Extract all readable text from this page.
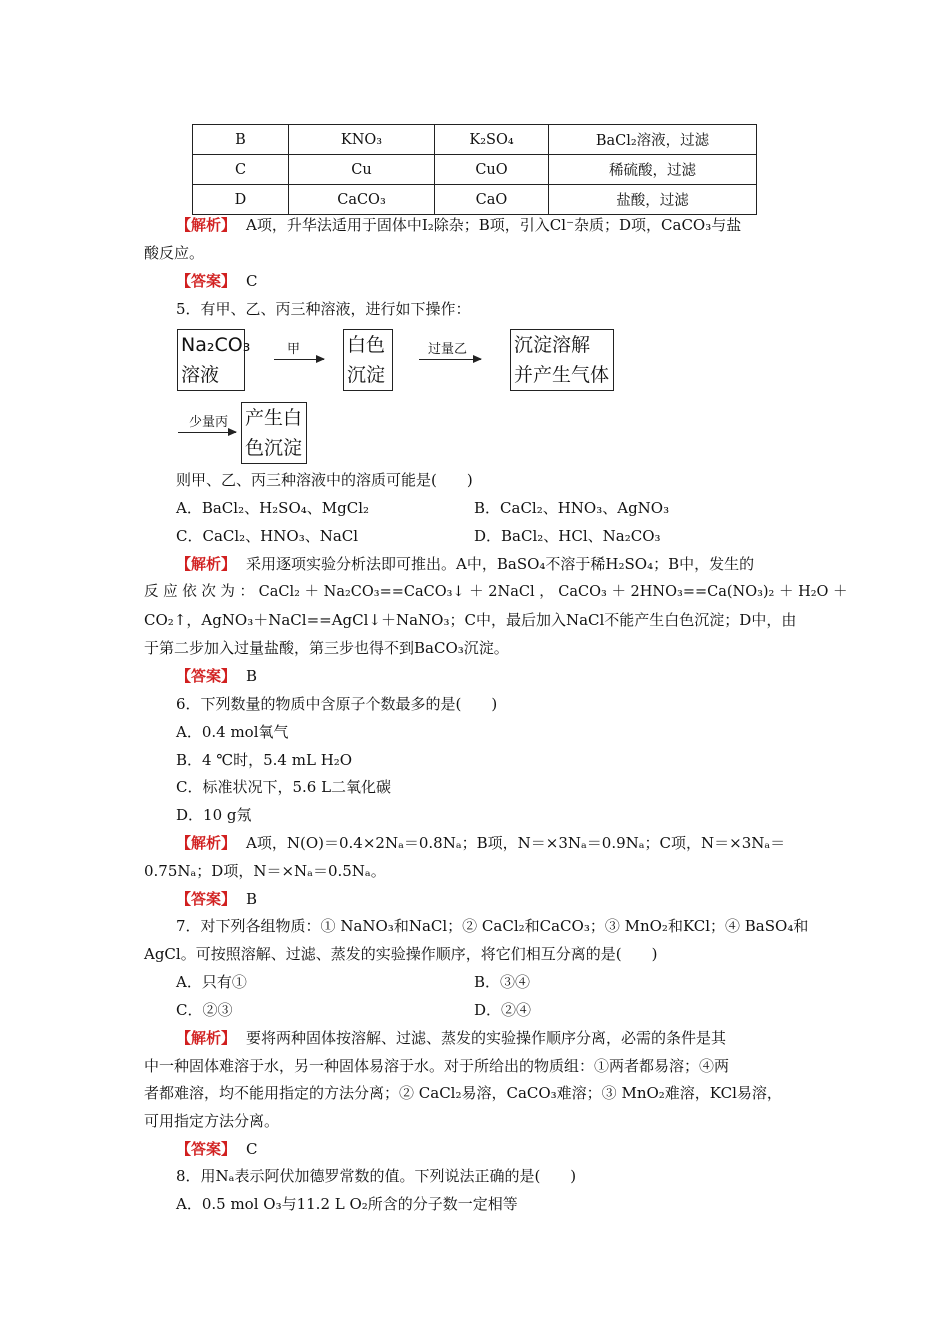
B	KNO₃	K₂SO₄	BaCl₂溶液，过滤
C	Cu	CuO	稀硫酸，过滤
D	CaCO₃	CaO	盐酸，过滤
【解析】 A项，升华法适用于固体中I₂除杂；B项，引入Cl⁻杂质；D项，CaCO₃与盐
酸反应。
【答案】 C
5．有甲、乙、丙三种溶液，进行如下操作：
Na₂CO₃
溶液
甲 白色
沉淀
过量乙 沉淀溶解
并产生气体
少量丙 产生白
色沉淀
则甲、乙、丙三种溶液中的溶质可能是(　　)
A．BaCl₂、H₂SO₄、MgCl₂	B．CaCl₂、HNO₃、AgNO₃
C．CaCl₂、HNO₃、NaCl	D．BaCl₂、HCl、Na₂CO₃
【解析】 采用逐项实验分析法即可推出。A中，BaSO₄不溶于稀H₂SO₄；B中，发生的
反 应 依 次 为 ： CaCl₂ ＋ Na₂CO₃==CaCO₃↓ ＋ 2NaCl ， CaCO₃ ＋ 2HNO₃==Ca(NO₃)₂ ＋ H₂O ＋
CO₂↑，AgNO₃＋NaCl==AgCl↓＋NaNO₃；C中，最后加入NaCl不能产生白色沉淀；D中，由
于第二步加入过量盐酸，第三步也得不到BaCO₃沉淀。
【答案】 B
6．下列数量的物质中含原子个数最多的是(　　)
A．0.4 mol氧气
B．4 ℃时，5.4 mL H₂O
C．标准状况下，5.6 L二氧化碳
D．10 g氖
【解析】 A项，N(O)＝0.4×2Nₐ＝0.8Nₐ；B项，N＝×3Nₐ＝0.9Nₐ；C项，N＝×3Nₐ＝
0.75Nₐ；D项，N＝×Nₐ＝0.5Nₐ。
【答案】 B
7．对下列各组物质：① NaNO₃和NaCl；② CaCl₂和CaCO₃；③ MnO₂和KCl；④ BaSO₄和
AgCl。可按照溶解、过滤、蒸发的实验操作顺序，将它们相互分离的是(　　)
A．只有①	B．③④
C．②③	D．②④
【解析】 要将两种固体按溶解、过滤、蒸发的实验操作顺序分离，必需的条件是其
中一种固体难溶于水，另一种固体易溶于水。对于所给出的物质组：①两者都易溶；④两
者都难溶，均不能用指定的方法分离；② CaCl₂易溶，CaCO₃难溶；③ MnO₂难溶，KCl易溶，
可用指定方法分离。
【答案】 C
8．用Nₐ表示阿伏加德罗常数的值。下列说法正确的是(　　)
A．0.5 mol O₃与11.2 L O₂所含的分子数一定相等
